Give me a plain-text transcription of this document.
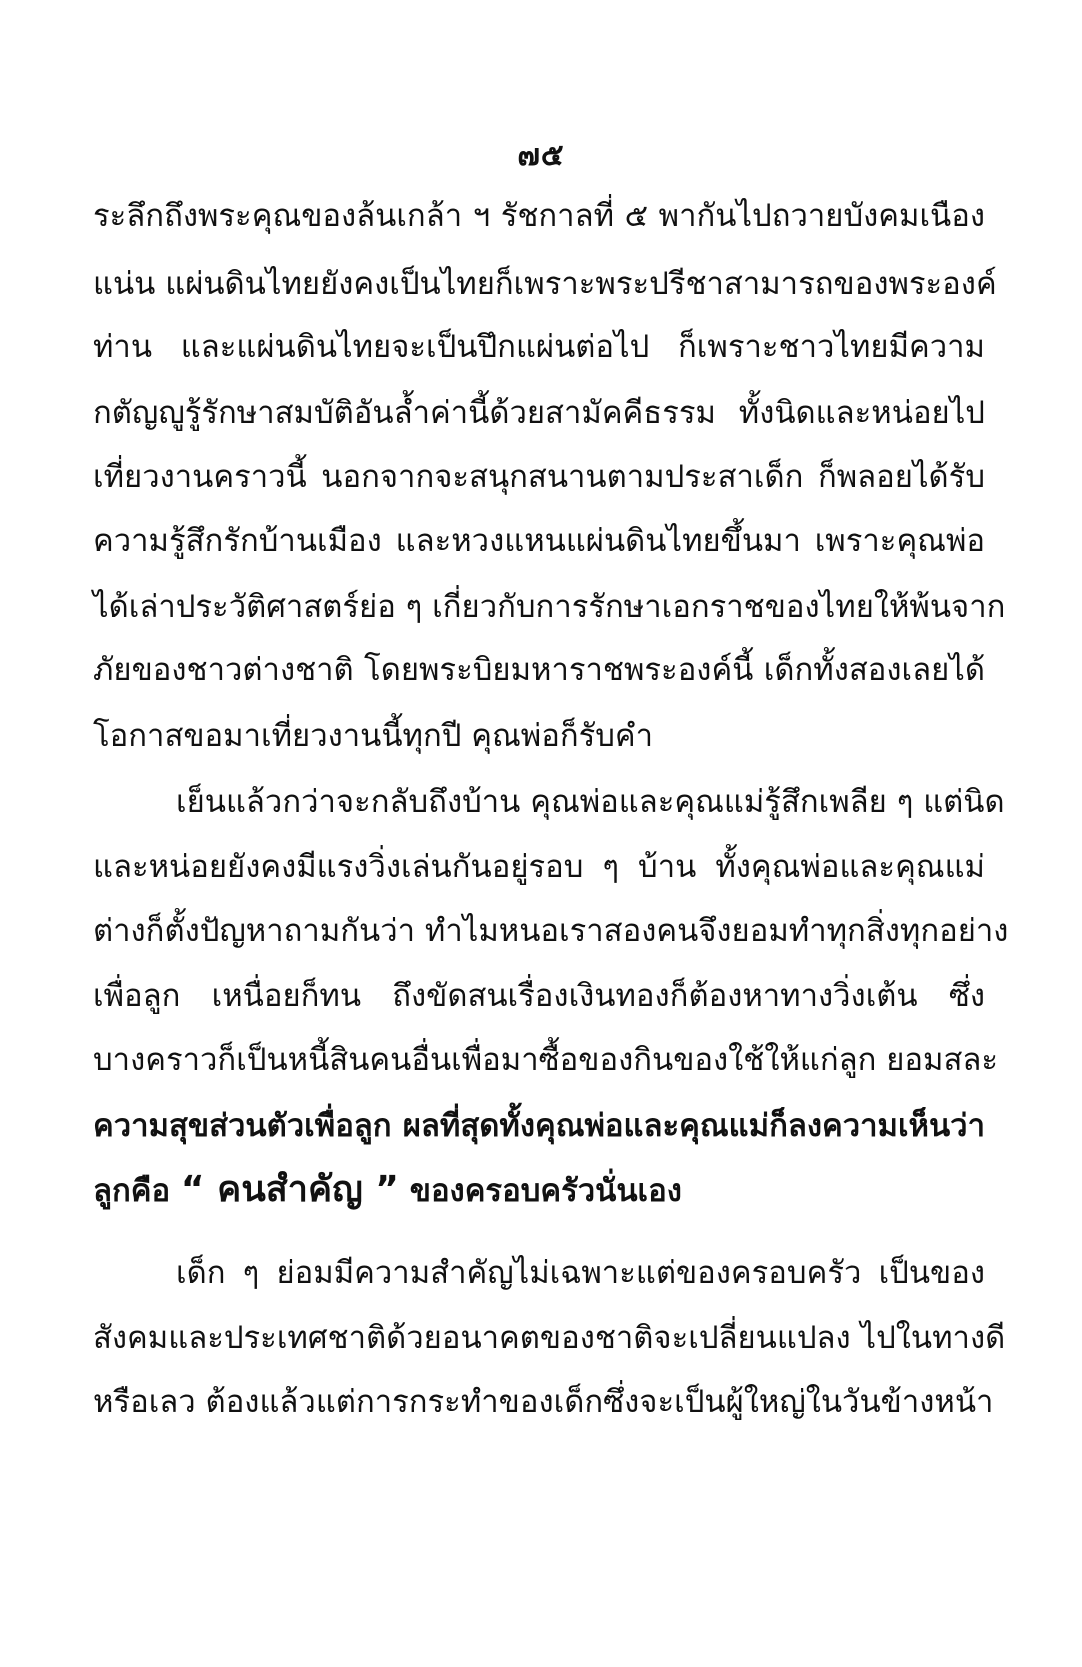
๗๕
ระลึกถึงพระคุณของล้นเกล้า ฯ รัชกาลที่ ๕ พากันไปถวายบังคมเนือง
แน่น แผ่นดินไทยยังคงเป็นไทยก็เพราะพระปรีชาสามารถของพระองค์
ท่าน และแผ่นดินไทยจะเป็นปึกแผ่นต่อไป ก็เพราะชาวไทยมีความ
กตัญญูรู้รักษาสมบัติอันล้ำค่านี้ด้วยสามัคคีธรรม ทั้งนิดและหน่อยไป
เที่ยวงานคราวนี้ นอกจากจะสนุกสนานตามประสาเด็ก ก็พลอยได้รับ
ความรู้สึกรักบ้านเมือง และหวงแหนแผ่นดินไทยขึ้นมา เพราะคุณพ่อ
ได้เล่าประวัติศาสตร์ย่อ ๆ เกี่ยวกับการรักษาเอกราชของไทยให้พ้นจาก
ภัยของชาวต่างชาติ โดยพระบิยมหาราชพระองค์นี้ เด็กทั้งสองเลยได้
โอกาสขอมาเที่ยวงานนี้ทุกปี คุณพ่อก็รับคำ
เย็นแล้วกว่าจะกลับถึงบ้าน คุณพ่อและคุณแม่รู้สึกเพลีย ๆ แต่นิด
และหน่อยยังคงมีแรงวิ่งเล่นกันอยู่รอบ ๆ บ้าน ทั้งคุณพ่อและคุณแม่
ต่างก็ตั้งปัญหาถามกันว่า ทำไมหนอเราสองคนจึงยอมทำทุกสิ่งทุกอย่าง
เพื่อลูก เหนื่อยก็ทน ถึงขัดสนเรื่องเงินทองก็ต้องหาทางวิ่งเต้น ซึ่ง
บางคราวก็เป็นหนี้สินคนอื่นเพื่อมาซื้อของกินของใช้ให้แก่ลูก ยอมสละ
ความสุขส่วนตัวเพื่อลูก ผลที่สุดทั้งคุณพ่อและคุณแม่ก็ลงความเห็นว่า
ลูกคือ “ คนสำคัญ ” ของครอบครัวนั่นเอง
เด็ก ๆ ย่อมมีความสำคัญไม่เฉพาะแต่ของครอบครัว เป็นของ
สังคมและประเทศชาติด้วยอนาคตของชาติจะเปลี่ยนแปลง ไปในทางดี
หรือเลว ต้องแล้วแต่การกระทำของเด็กซึ่งจะเป็นผู้ใหญ่ในวันข้างหน้า
